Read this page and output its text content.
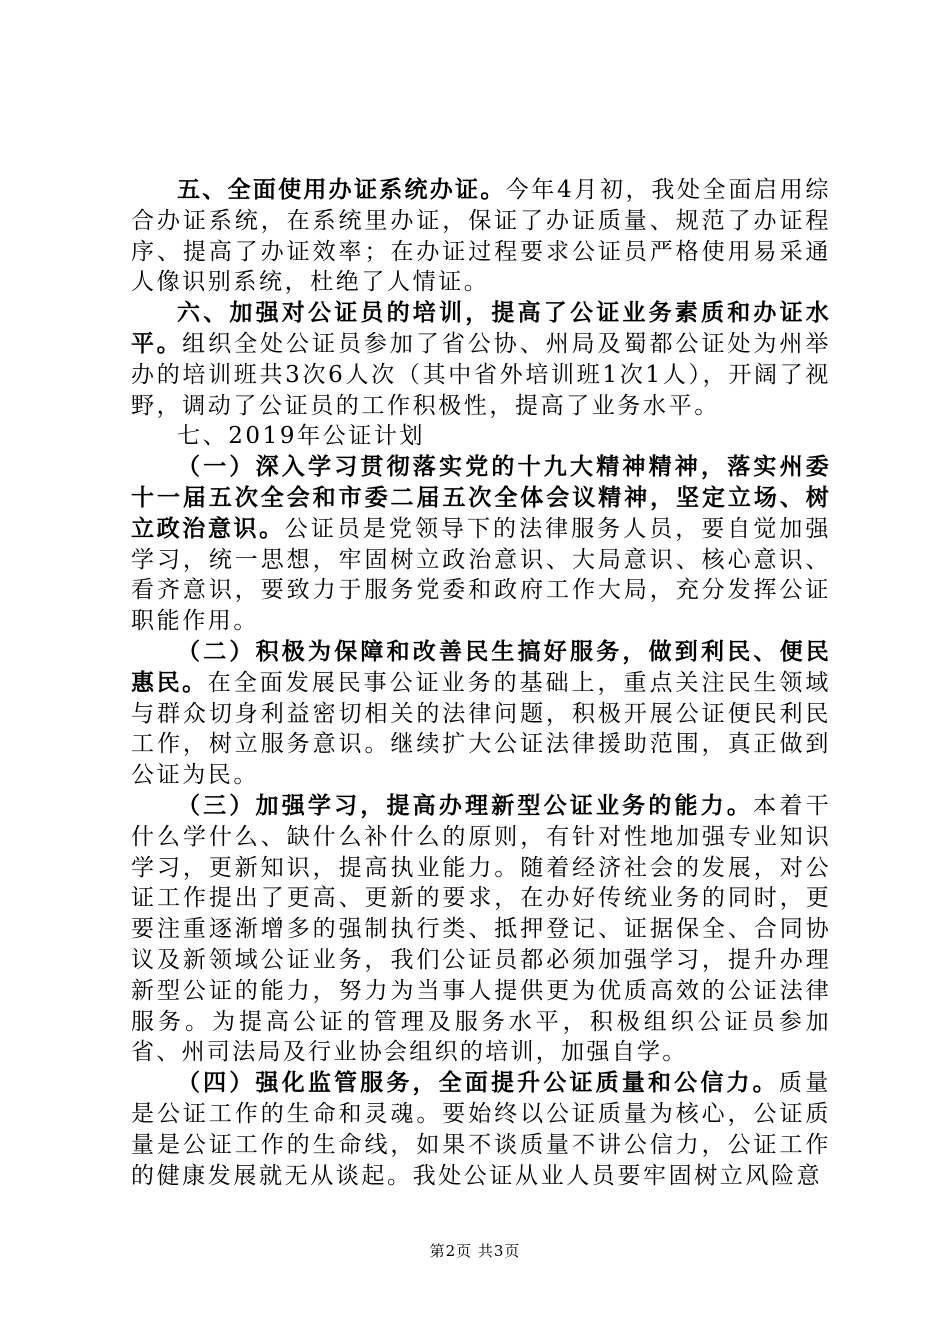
五、全面使用办证系统办证。今年4月初，我处全面启用综合办证系统，在系统里办证，保证了办证质量、规范了办证程序、提高了办证效率；在办证过程要求公证员严格使用易采通人像识别系统，杜绝了人情证。

六、加强对公证员的培训，提高了公证业务素质和办证水平。组织全处公证员参加了省公协、州局及蜀都公证处为州举办的培训班共3次6人次（其中省外培训班1次1人），开阔了视野，调动了公证员的工作积极性，提高了业务水平。

七、2019年公证计划

（一）深入学习贯彻落实党的十九大精神精神，落实州委十一届五次全会和市委二届五次全体会议精神，坚定立场、树立政治意识。公证员是党领导下的法律服务人员，要自觉加强学习，统一思想，牢固树立政治意识、大局意识、核心意识、看齐意识，要致力于服务党委和政府工作大局，充分发挥公证职能作用。

（二）积极为保障和改善民生搞好服务，做到利民、便民惠民。在全面发展民事公证业务的基础上，重点关注民生领域与群众切身利益密切相关的法律问题，积极开展公证便民利民工作，树立服务意识。继续扩大公证法律援助范围，真正做到公证为民。

（三）加强学习，提高办理新型公证业务的能力。本着干什么学什么、缺什么补什么的原则，有针对性地加强专业知识学习，更新知识，提高执业能力。随着经济社会的发展，对公证工作提出了更高、更新的要求，在办好传统业务的同时，更要注重逐渐增多的强制执行类、抵押登记、证据保全、合同协议及新领域公证业务，我们公证员都必须加强学习，提升办理新型公证的能力，努力为当事人提供更为优质高效的公证法律服务。为提高公证的管理及服务水平，积极组织公证员参加省、州司法局及行业协会组织的培训，加强自学。

（四）强化监管服务，全面提升公证质量和公信力。质量是公证工作的生命和灵魂。要始终以公证质量为核心，公证质量是公证工作的生命线，如果不谈质量不讲公信力，公证工作的健康发展就无从谈起。我处公证从业人员要牢固树立风险意

第2页 共3页
